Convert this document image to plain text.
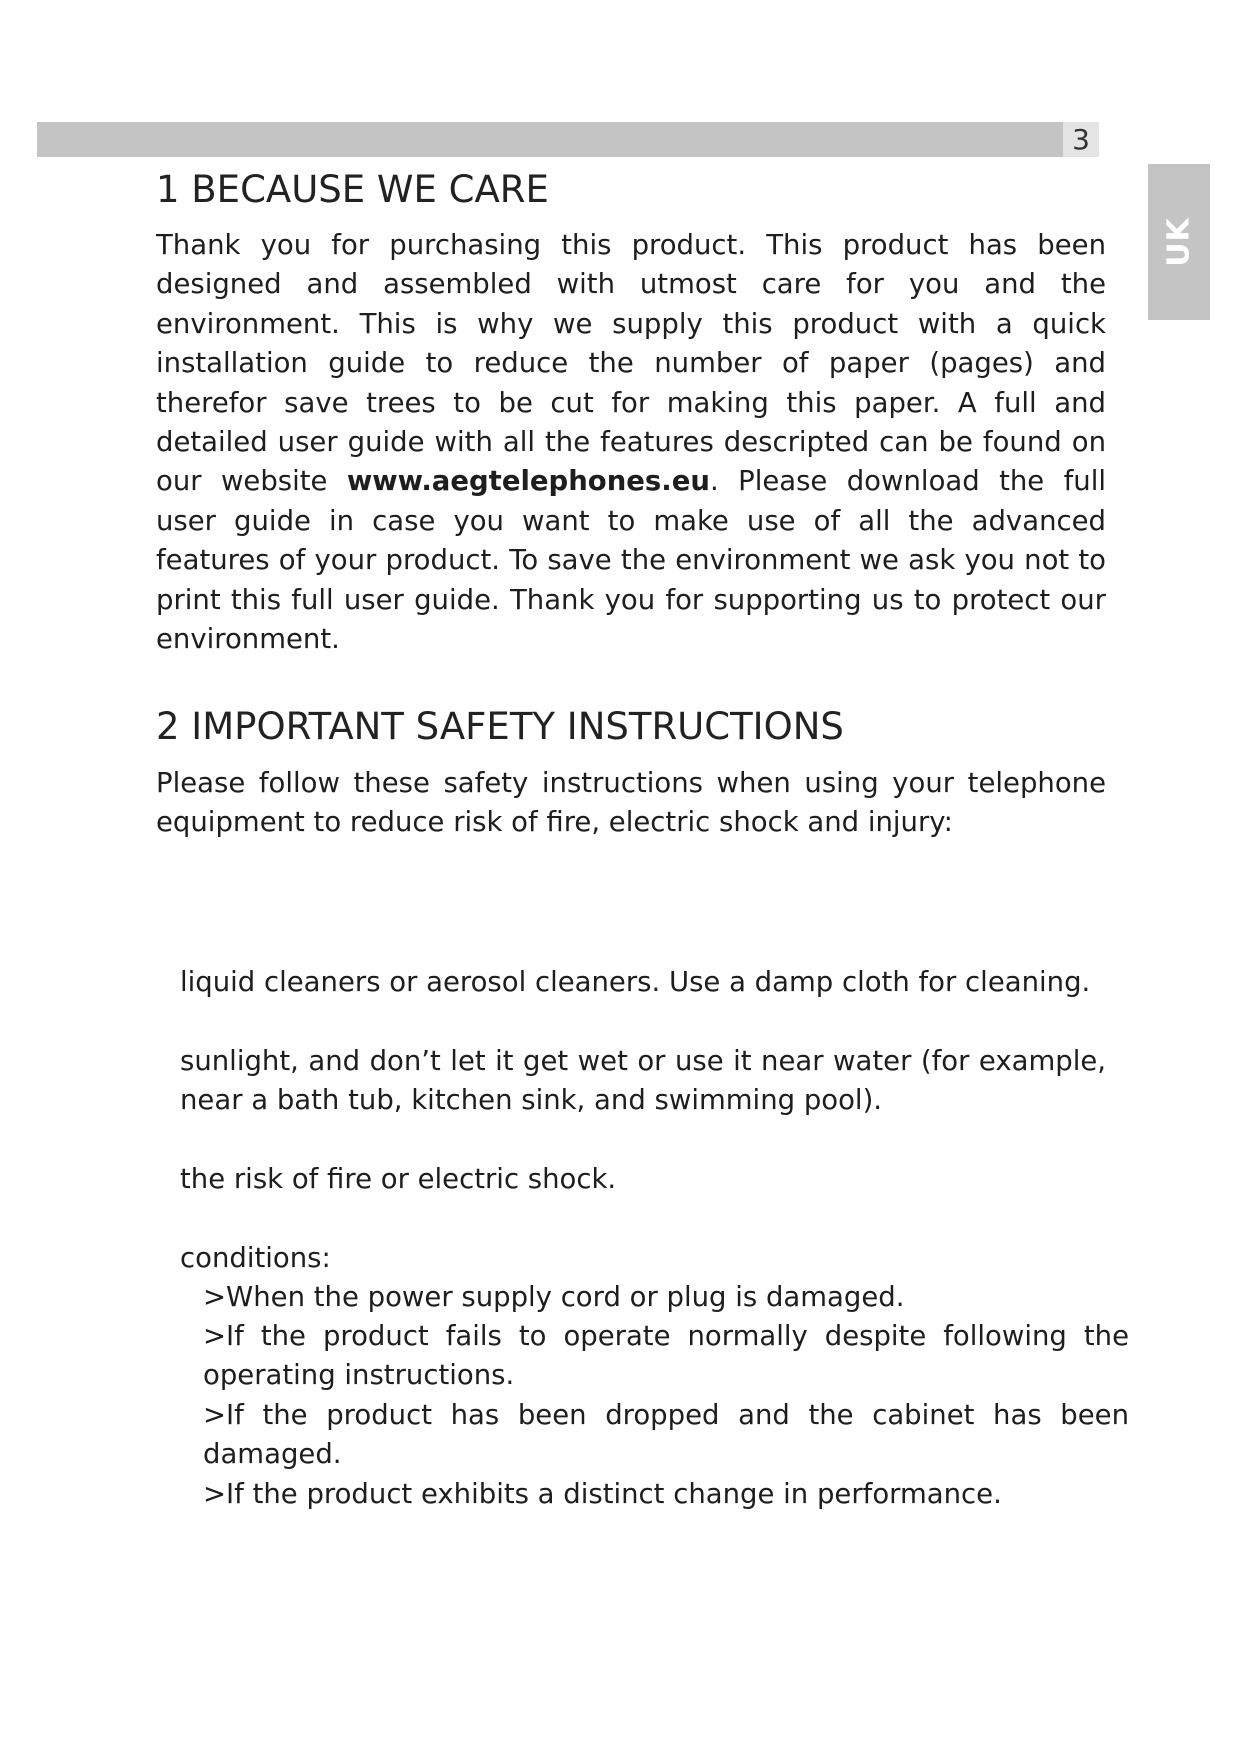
3
UK
1 BECAUSE WE CARE

Thank you for purchasing this product. This product has been designed and assembled with utmost care for you and the environment. This is why we supply this product with a quick installation guide to reduce the number of paper (pages) and therefor save trees to be cut for making this paper. A full and detailed user guide with all the features descripted can be found on our website www.aegtelephones.eu. Please download the full user guide in case you want to make use of all the advanced features of your product. To save the environment we ask you not to print this full user guide. Thank you for supporting us to protect our environment.

2 IMPORTANT SAFETY INSTRUCTIONS

Please follow these safety instructions when using your telephone equipment to reduce risk of fire, electric shock and injury:

liquid cleaners or aerosol cleaners. Use a damp cloth for cleaning.

sunlight, and don’t let it get wet or use it near water (for example, near a bath tub, kitchen sink, and swimming pool).

the risk of fire or electric shock.

conditions:

>When the power supply cord or plug is damaged.

>If the product fails to operate normally despite following the operating instructions.

>If the product has been dropped and the cabinet has been damaged.

>If the product exhibits a distinct change in performance.
